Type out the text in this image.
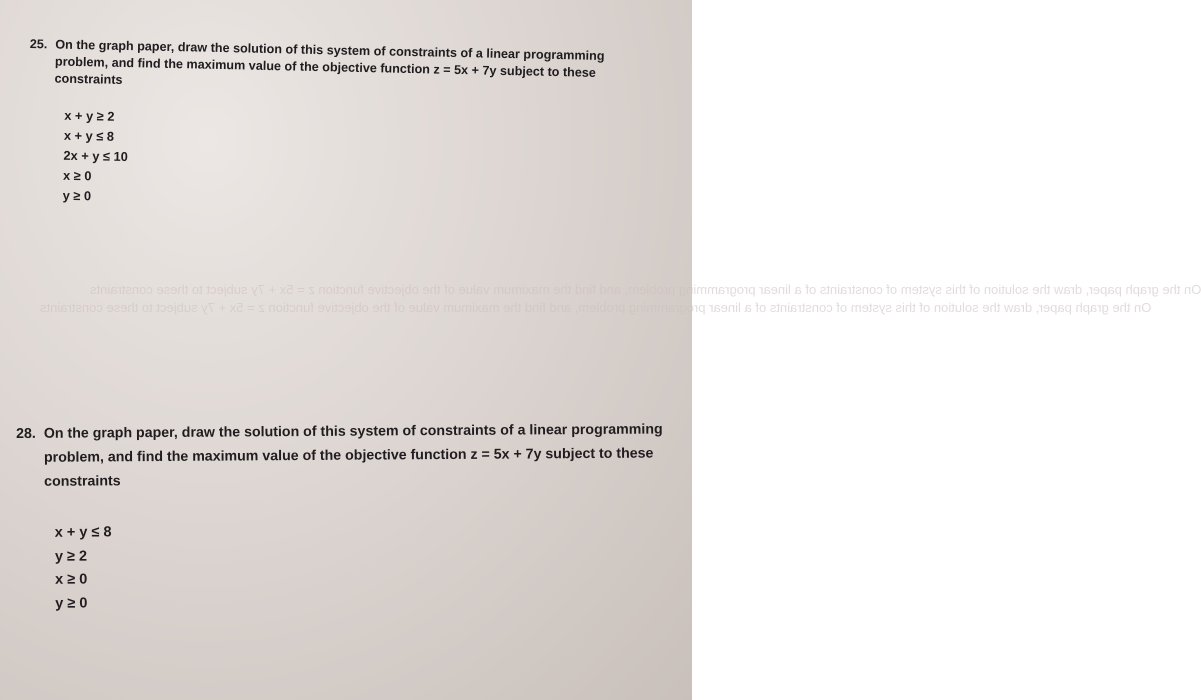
On the graph paper, draw the solution of this system of constraints of a linear programming problem, and find the maximum value of the objective function z = 5x + 7y subject to these constraints
On the graph paper, draw the solution of this system of constraints of a linear programming problem, and find the maximum value of the objective function z = 5x + 7y subject to these constraints
25. On the graph paper, draw the solution of this system of constraints of a linear programming problem, and find the maximum value of the objective function z = 5x + 7y subject to these constraints
x + y ≥ 2
x + y ≤ 8
2x + y ≤ 10
x ≥ 0
y ≥ 0
28. On the graph paper, draw the solution of this system of constraints of a linear programming problem, and find the maximum value of the objective function z = 5x + 7y subject to these constraints
x + y ≤ 8
y ≥ 2
x ≥ 0
y ≥ 0
